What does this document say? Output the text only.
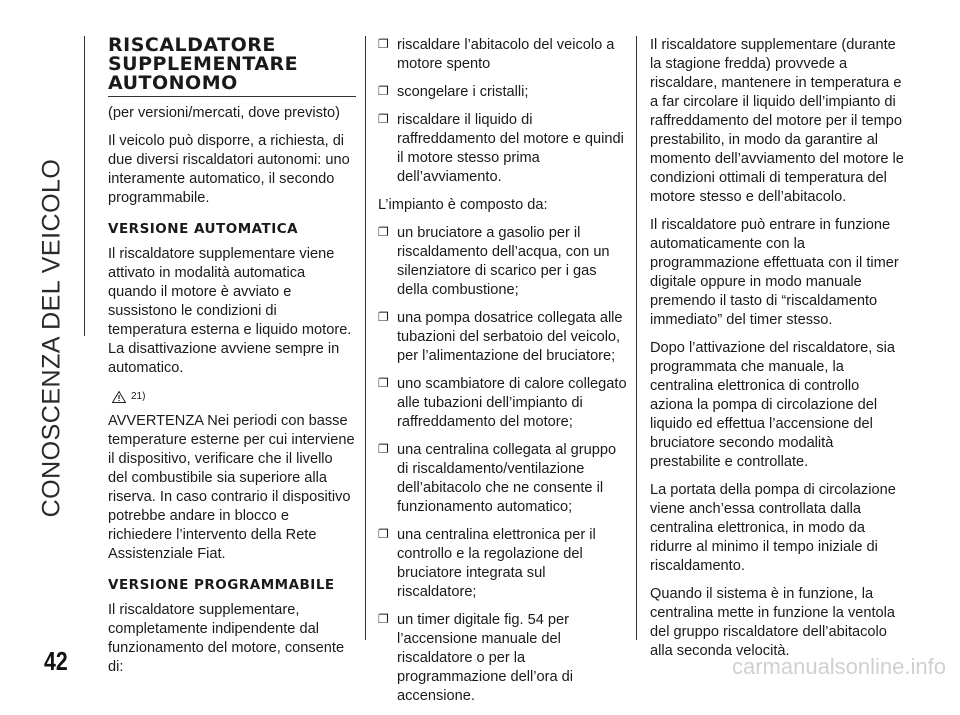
CONOSCENZA DEL VEICOLO
42	carmanualsonline.info
RISCALDATORE SUPPLEMENTARE AUTONOMO

(per versioni/mercati, dove previsto)

Il veicolo può disporre, a richiesta, di due diversi riscaldatori autonomi: uno interamente automatico, il secondo programmabile.

VERSIONE AUTOMATICA

Il riscaldatore supplementare viene attivato in modalità automatica quando il motore è avviato e sussistono le condizioni di temperatura esterna e liquido motore. La disattivazione avviene sempre in automatico.

21)

AVVERTENZA Nei periodi con basse temperature esterne per cui interviene il dispositivo, verificare che il livello del combustibile sia superiore alla riserva. In caso contrario il dispositivo potrebbe andare in blocco e richiedere l’intervento della Rete Assistenziale Fiat.

VERSIONE PROGRAMMABILE

Il riscaldatore supplementare, completamente indipendente dal funzionamento del motore, consente di:

❐ riscaldare l’abitacolo del veicolo a motore spento
❐ scongelare i cristalli;
❐ riscaldare il liquido di raffreddamento del motore e quindi il motore stesso prima dell’avviamento.

L’impianto è composto da:

❐ un bruciatore a gasolio per il riscaldamento dell’acqua, con un silenziatore di scarico per i gas della combustione;
❐ una pompa dosatrice collegata alle tubazioni del serbatoio del veicolo, per l’alimentazione del bruciatore;
❐ uno scambiatore di calore collegato alle tubazioni dell’impianto di raffreddamento del motore;
❐ una centralina collegata al gruppo di riscaldamento/ventilazione dell’abitacolo che ne consente il funzionamento automatico;
❐ una centralina elettronica per il controllo e la regolazione del bruciatore integrata sul riscaldatore;
❐ un timer digitale fig. 54 per l’accensione manuale del riscaldatore o per la programmazione dell’ora di accensione.

Il riscaldatore supplementare (durante la stagione fredda) provvede a riscaldare, mantenere in temperatura e a far circolare il liquido dell’impianto di raffreddamento del motore per il tempo prestabilito, in modo da garantire al momento dell’avviamento del motore le condizioni ottimali di temperatura del motore stesso e dell’abitacolo.

Il riscaldatore può entrare in funzione automaticamente con la programmazione effettuata con il timer digitale oppure in modo manuale premendo il tasto di “riscaldamento immediato” del timer stesso.

Dopo l’attivazione del riscaldatore, sia programmata che manuale, la centralina elettronica di controllo aziona la pompa di circolazione del liquido ed effettua l’accensione del bruciatore secondo modalità prestabilite e controllate.

La portata della pompa di circolazione viene anch’essa controllata dalla centralina elettronica, in modo da ridurre al minimo il tempo iniziale di riscaldamento.

Quando il sistema è in funzione, la centralina mette in funzione la ventola del gruppo riscaldatore dell’abitacolo alla seconda velocità.
